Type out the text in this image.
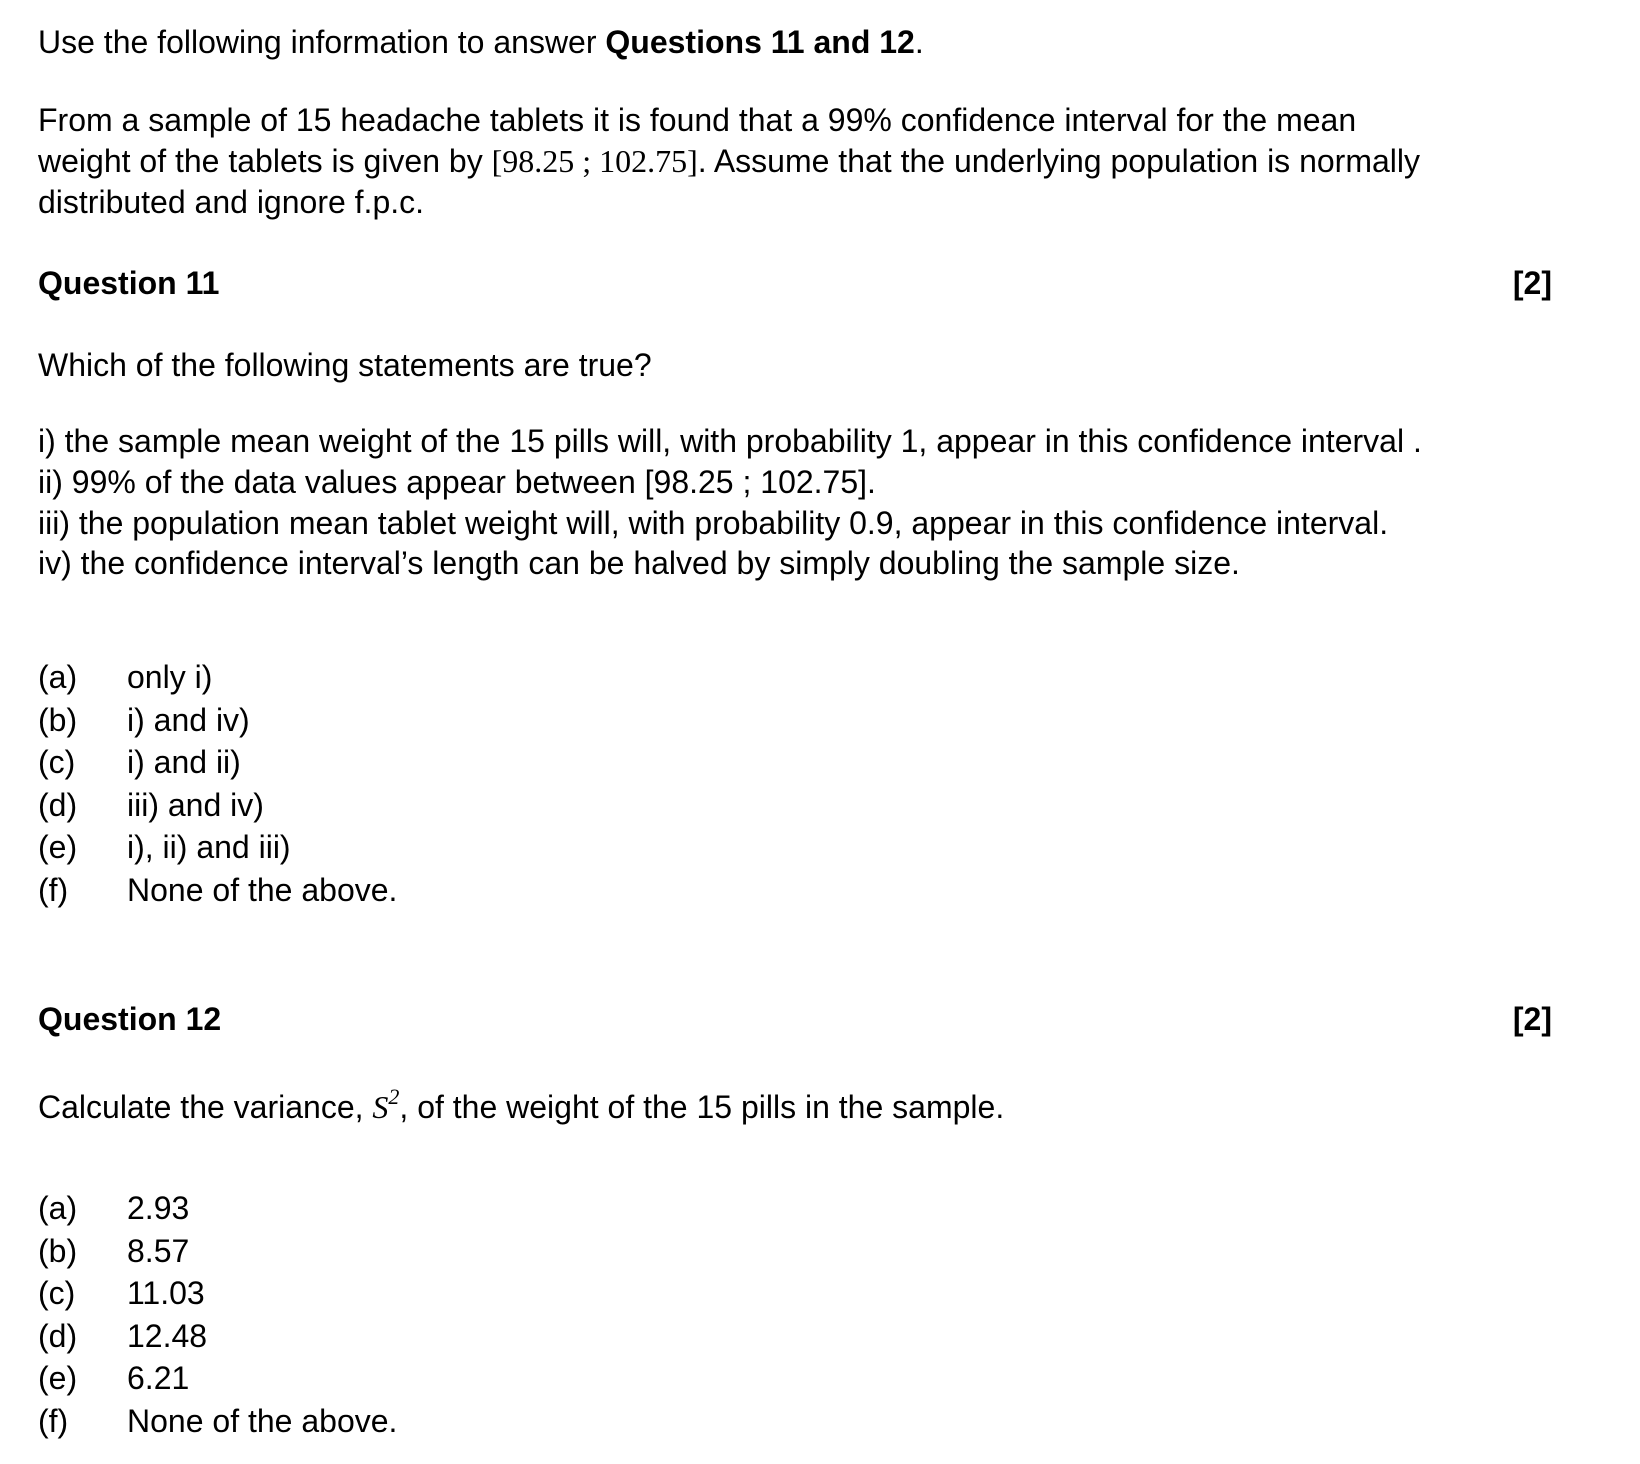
Use the following information to answer Questions 11 and 12.
From a sample of 15 headache tablets it is found that a 99% confidence interval for the mean
weight of the tablets is given by [98.25 ; 102.75]. Assume that the underlying population is normally
distributed and ignore f.p.c.
Question 11	[2]
Which of the following statements are true?
i) the sample mean weight of the 15 pills will, with probability 1, appear in this confidence interval .
ii) 99% of the data values appear between [98.25 ; 102.75].
iii) the population mean tablet weight will, with probability 0.9, appear in this confidence interval.
iv) the confidence interval’s length can be halved by simply doubling the sample size.
(a) only i)
(b) i) and iv)
(c) i) and ii)
(d) iii) and iv)
(e) i), ii) and iii)
(f) None of the above.
Question 12	[2]
Calculate the variance, $S^2$, of the weight of the 15 pills in the sample.
(a) 2.93
(b) 8.57
(c) 11.03
(d) 12.48
(e) 6.21
(f) None of the above.
